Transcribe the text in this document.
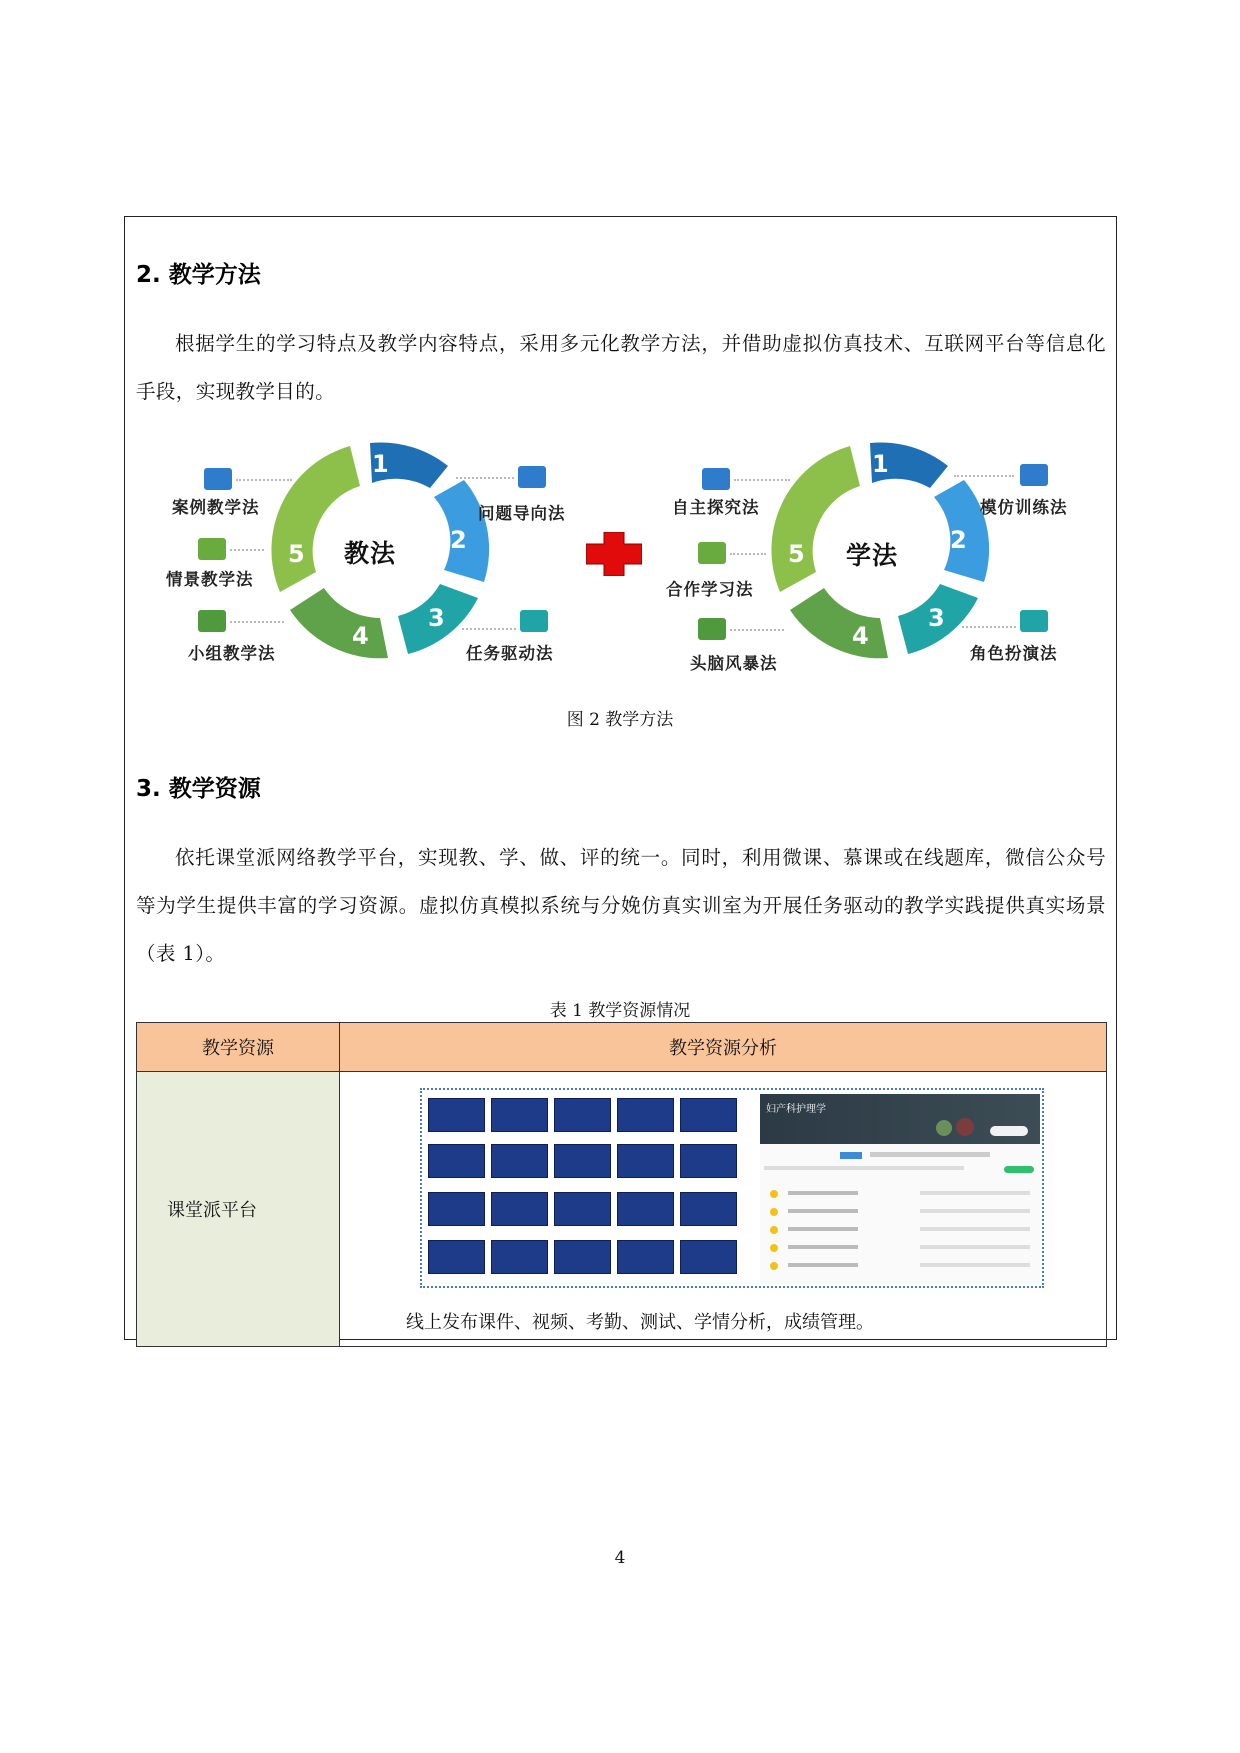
2. 教学方法

根据学生的学习特点及教学内容特点，采用多元化教学方法，并借助虚拟仿真技术、互联网平台等信息化手段，实现教学目的。

1
2
3
4
5 教法
案例教学法	问题导向法
情景教学法
小组教学法	任务驱动法
1
2
3
4
5 学法
自主探究法	模仿训练法
合作学习法
头脑风暴法
角色扮演法
图 2 教学方法
3. 教学资源

依托课堂派网络教学平台，实现教、学、做、评的统一。同时，利用微课、慕课或在线题库，微信公众号等为学生提供丰富的学习资源。虚拟仿真模拟系统与分娩仿真实训室为开展任务驱动的教学实践提供真实场景（表 1）。

表 1 教学资源情况
教学资源	教学资源分析
课堂派平台	妇产科护理学
线上发布课件、视频、考勤、测试、学情分析，成绩管理。
4
